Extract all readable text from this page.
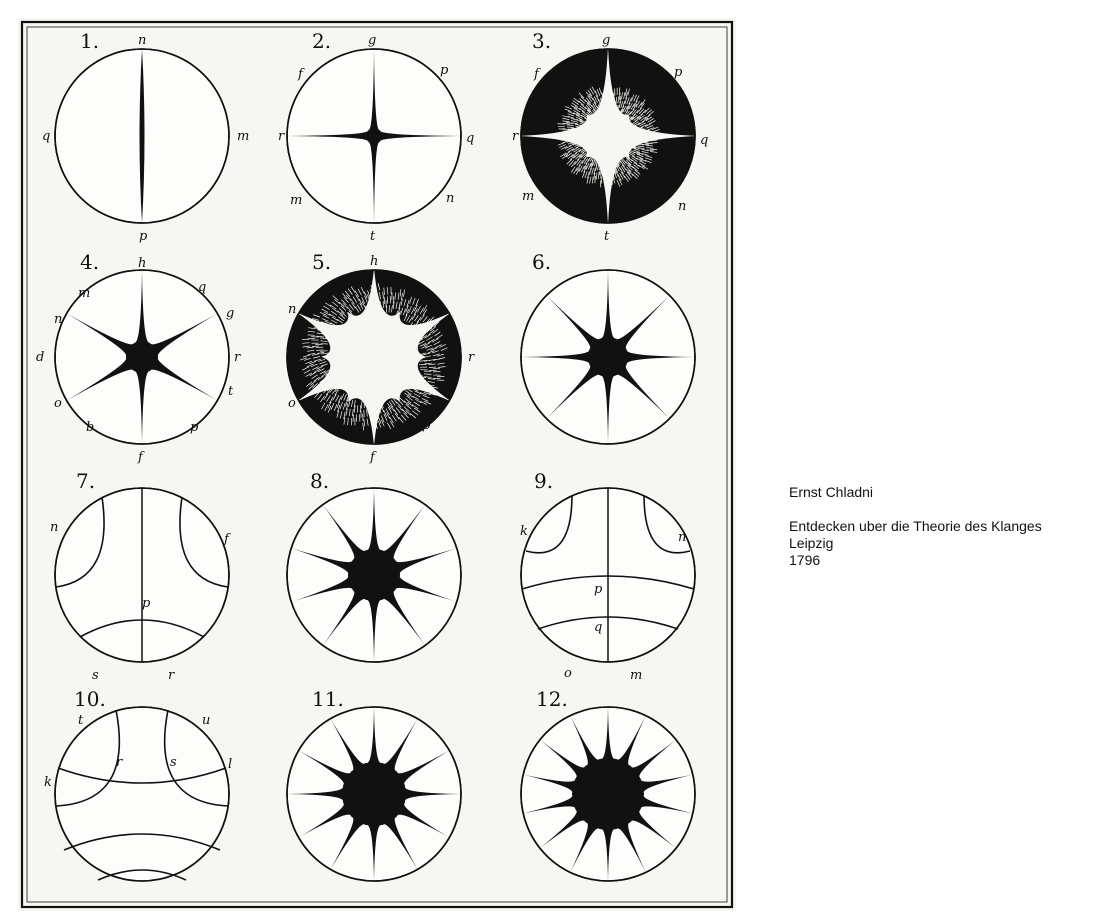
1.	n
m
p
q
2.	g
p
q
n
t
m
r
f
3.	g
p
q
n
t
m
r
f
4.	h
q
g
r
t
p
f
b
o
d
n
m
5.	h
r
p
f
o
n
6.
7.
n
f
p
s	r
8.	9.
k	n
p
q
o	m
10.
t	u
r	s
k
l
11.	12.
Ernst Chladni
Entdecken uber die Theorie des Klanges
Leipzig
1796
